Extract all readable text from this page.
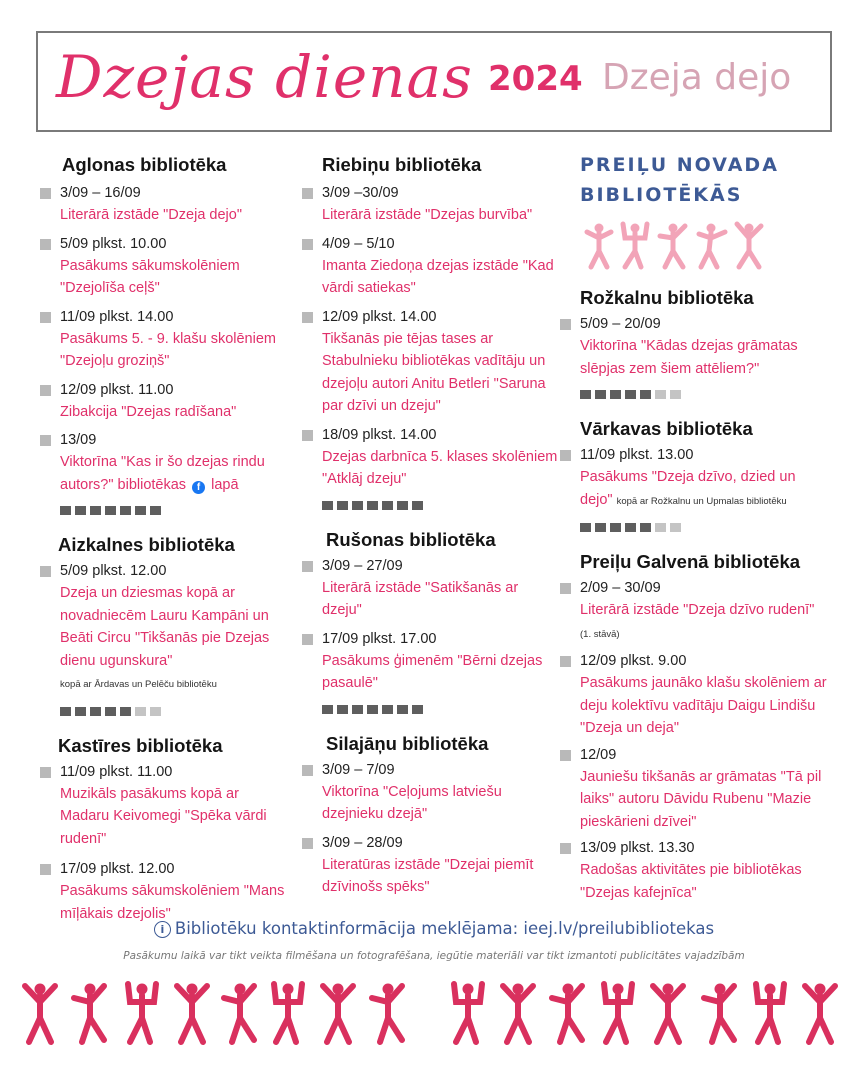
Dzejas dienas 2024 Dzeja dejo
Aglonas bibliotēka
3/09 – 16/09
Literārā izstāde "Dzeja dejo"
5/09 plkst. 10.00
Pasākums sākumskolēniem "Dzejolīša ceļš"
11/09 plkst. 14.00
Pasākums 5. - 9. klašu skolēniem "Dzejoļu groziņš"
12/09 plkst. 11.00
Zibakcija "Dzejas radīšana"
13/09
Viktorīna "Kas ir šo dzejas rindu autors?" bibliotēkas f lapā
Aizkalnes bibliotēka
5/09 plkst. 12.00
Dzeja un dziesmas kopā ar novadniecēm Lauru Kampāni un Beāti Circu "Tikšanās pie Dzejas dienu ugunskura" kopā ar Ārdavas un Pelēču bibliotēku
Kastīres bibliotēka
11/09 plkst. 11.00
Muzikāls pasākums kopā ar Madaru Keivomegi "Spēka vārdi rudenī"
17/09 plkst. 12.00
Pasākums sākumskolēniem "Mans mīļākais dzejolis"
Riebiņu bibliotēka
3/09 –30/09
Literārā izstāde "Dzejas burvība"
4/09 – 5/10
Imanta Ziedoņa dzejas izstāde "Kad vārdi satiekas"
12/09 plkst. 14.00
Tikšanās pie tējas tases ar Stabulnieku bibliotēkas vadītāju un dzejoļu autori Anitu Betleri "Saruna par dzīvi un dzeju"
18/09 plkst. 14.00
Dzejas darbnīca 5. klases skolēniem "Atklāj dzeju"
Rušonas bibliotēka
3/09 – 27/09
Literārā izstāde "Satikšanās ar dzeju"
17/09 plkst. 17.00
Pasākums ģimenēm "Bērni dzejas pasaulē"
Silajāņu bibliotēka
3/09 – 7/09
Viktorīna "Ceļojums latviešu dzejnieku dzejā"
3/09 – 28/09
Literatūras izstāde "Dzejai piemīt dzīvinošs spēks"
PREIĻU NOVADA
BIBLIOTĒKĀS
Rožkalnu bibliotēka
5/09 – 20/09
Viktorīna "Kādas dzejas grāmatas slēpjas zem šiem attēliem?"
Vārkavas bibliotēka
11/09 plkst. 13.00
Pasākums "Dzeja dzīvo, dzied un dejo" kopā ar Rožkalnu un Upmalas bibliotēku
Preiļu Galvenā bibliotēka
2/09 – 30/09
Literārā izstāde "Dzeja dzīvo rudenī" (1. stāvā)
12/09 plkst. 9.00
Pasākums jaunāko klašu skolēniem ar deju kolektīvu vadītāju Daigu Lindišu "Dzeja un deja"
12/09
Jauniešu tikšanās ar grāmatas "Tā pil laiks" autoru Dāvidu Rubenu "Mazie pieskārieni dzīvei"
13/09 plkst. 13.30
Radošas aktivitātes pie bibliotēkas "Dzejas kafejnīca"
i Bibliotēku kontaktinformācija meklējama: ieej.lv/preilubibliotekas
Pasākumu laikā var tikt veikta filmēšana un fotografēšana, iegūtie materiāli var tikt izmantoti publicitātes vajadzībām
